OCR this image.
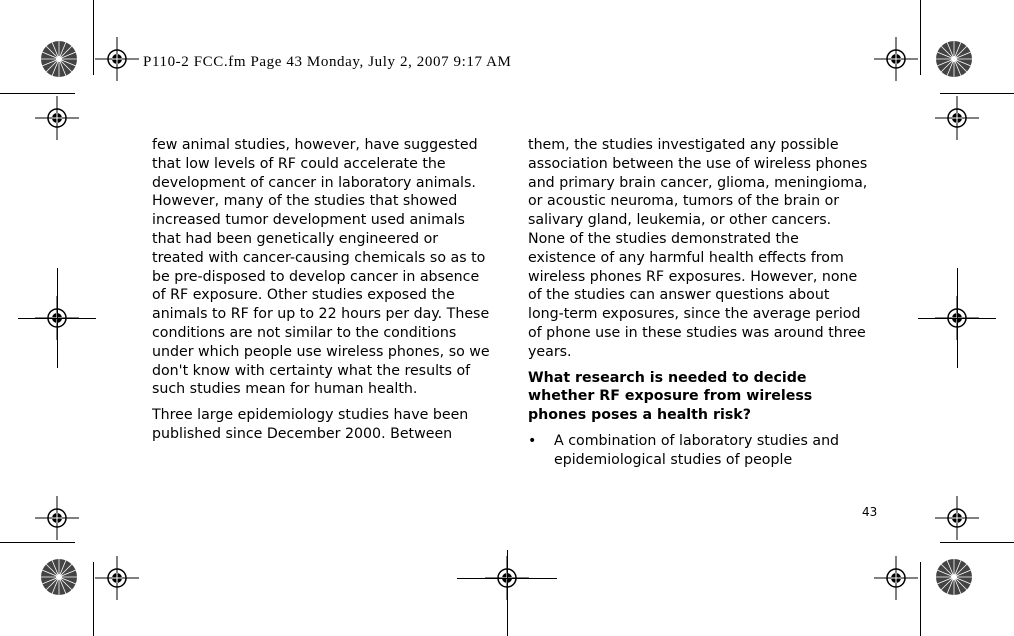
P110-2 FCC.fm Page 43 Monday, July 2, 2007 9:17 AM

few animal studies, however, have suggested that low levels of RF could accelerate the development of cancer in laboratory animals. However, many of the studies that showed increased tumor development used animals that had been genetically engineered or treated with cancer-causing chemicals so as to be pre-disposed to develop cancer in absence of RF exposure. Other studies exposed the animals to RF for up to 22 hours per day. These conditions are not similar to the conditions under which people use wireless phones, so we don't know with certainty what the results of such studies mean for human health.

Three large epidemiology studies have been published since December 2000. Between

them, the studies investigated any possible association between the use of wireless phones and primary brain cancer, glioma, meningioma, or acoustic neuroma, tumors of the brain or salivary gland, leukemia, or other cancers. None of the studies demonstrated the existence of any harmful health effects from wireless phones RF exposures. However, none of the studies can answer questions about long-term exposures, since the average period of phone use in these studies was around three years.

What research is needed to decide whether RF exposure from wireless phones poses a health risk?

•	A combination of laboratory studies and epidemiological studies of people
43
